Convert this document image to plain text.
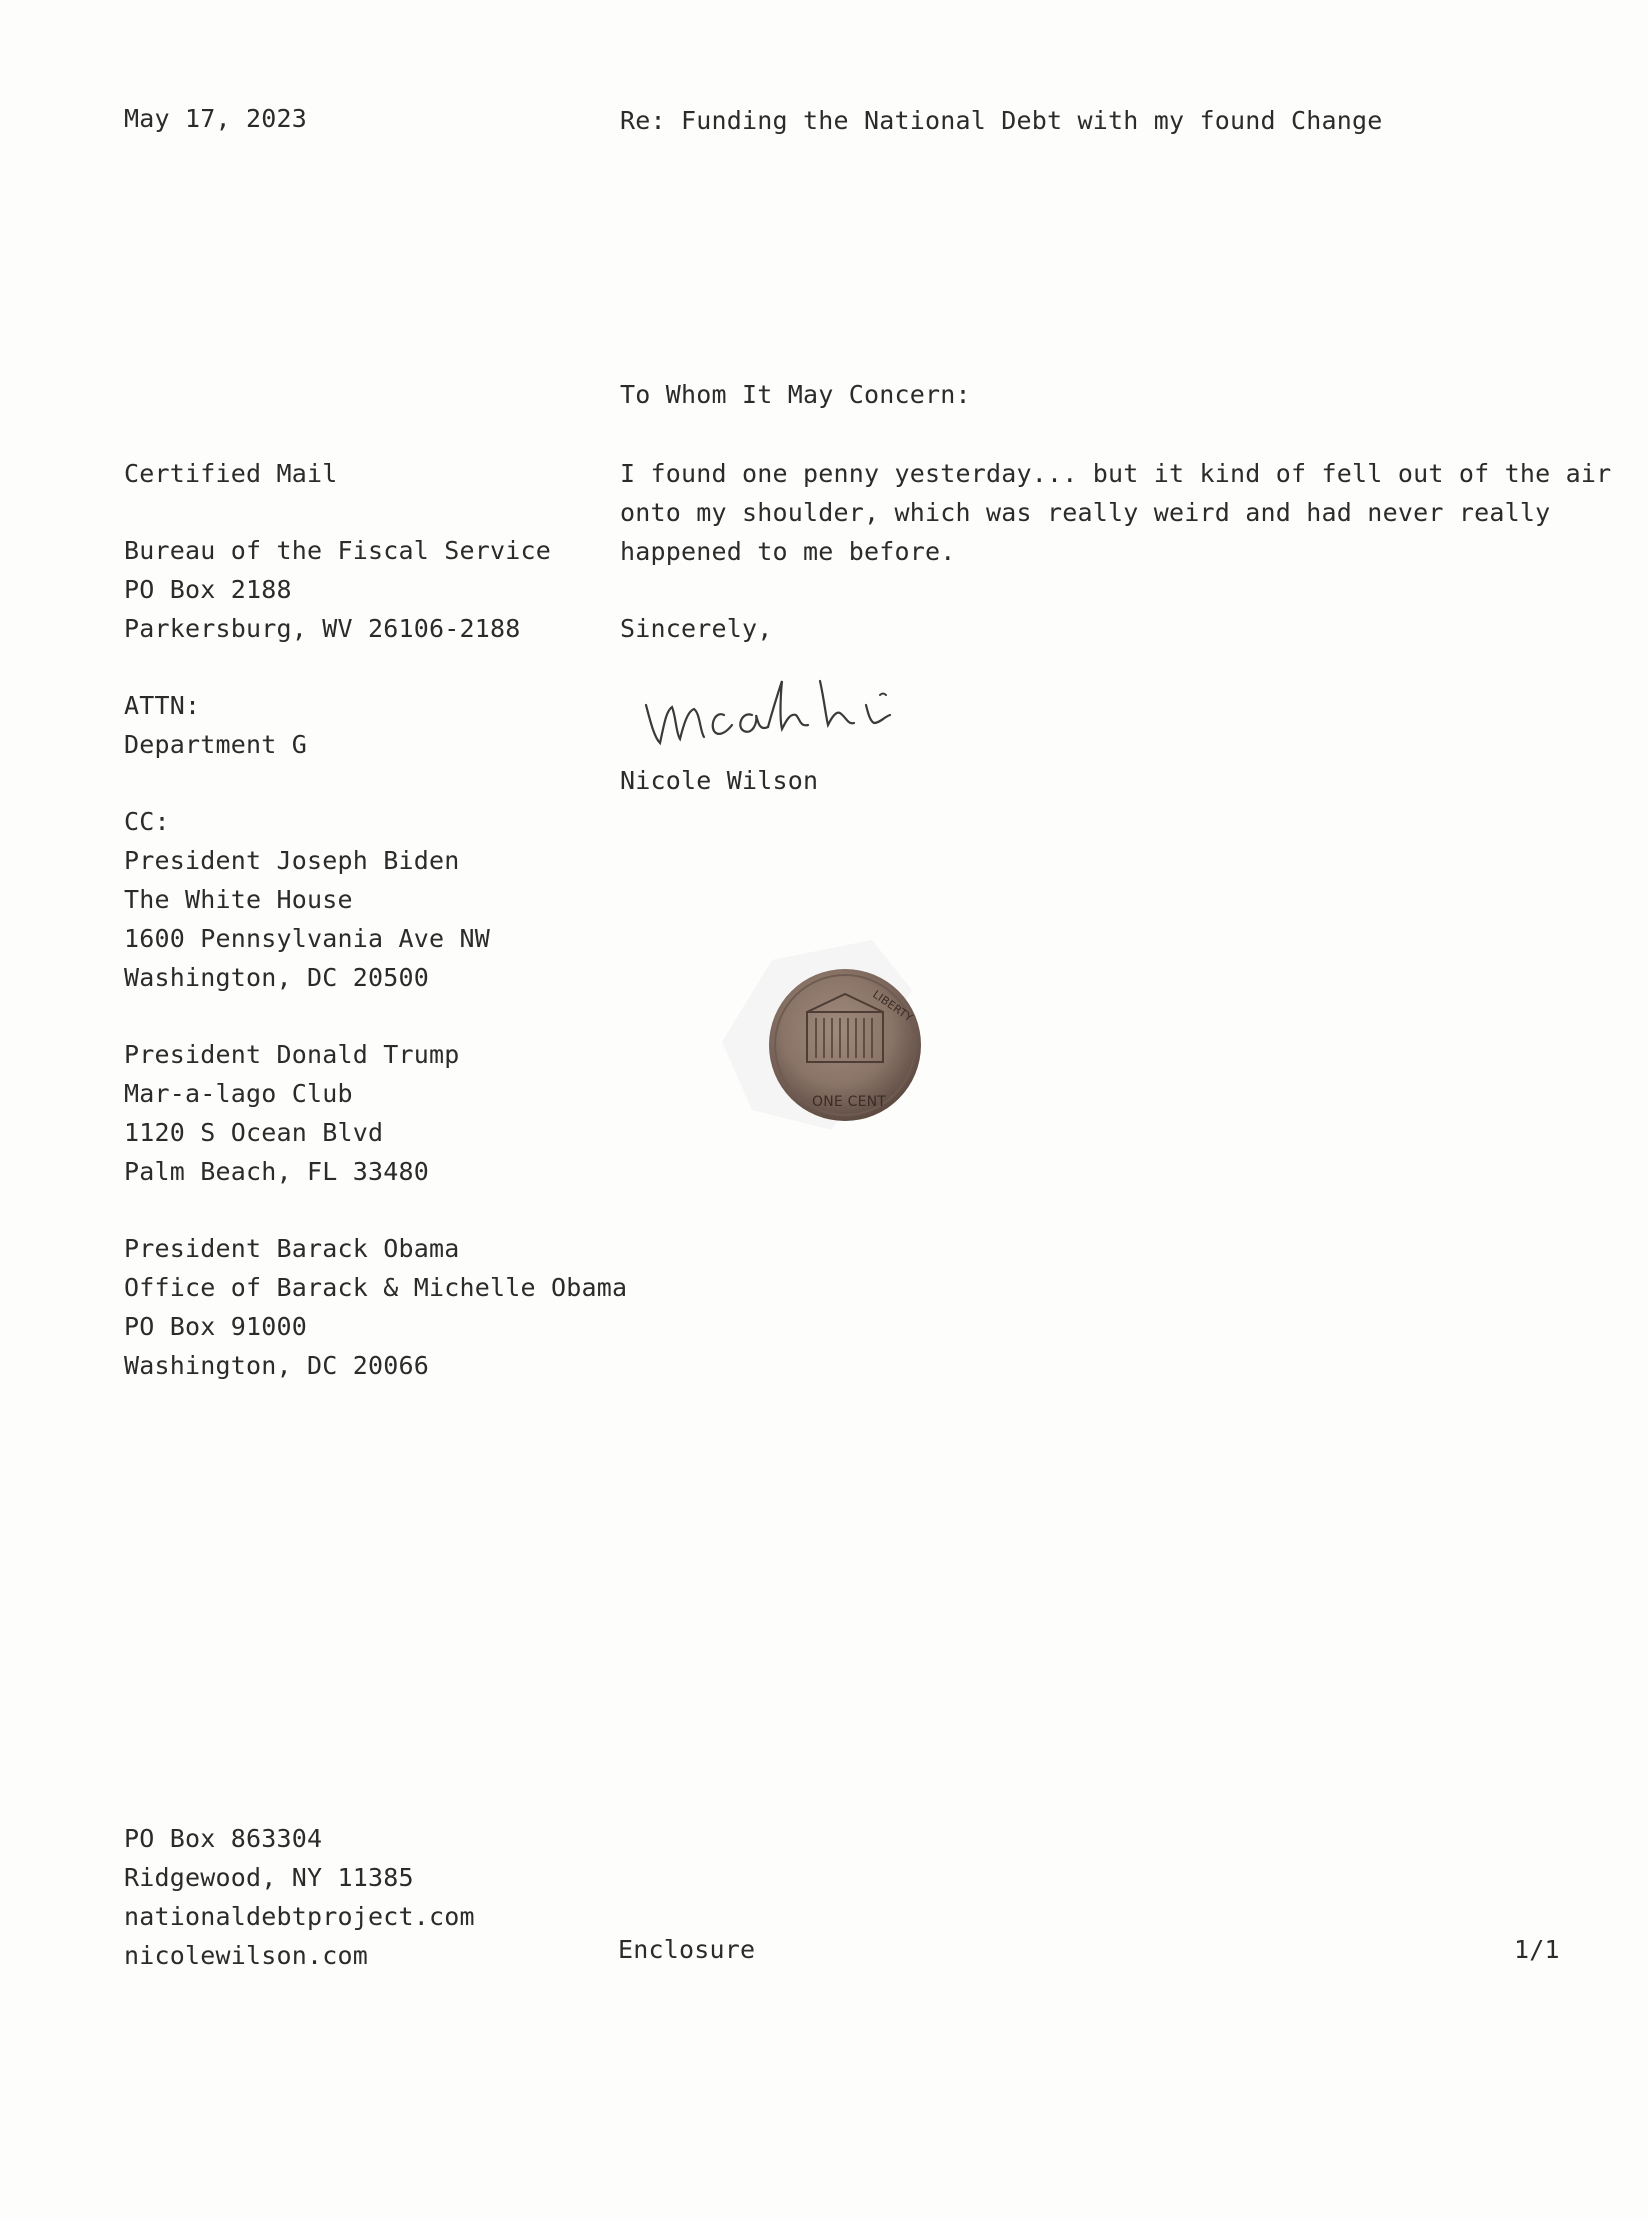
May 17, 2023	Re: Funding the National Debt with my found Change
To Whom It May Concern:
Certified Mail
Bureau of the Fiscal Service
PO Box 2188
Parkersburg, WV 26106-2188
ATTN:
Department G
CC:
President Joseph Biden
The White House
1600 Pennsylvania Ave NW
Washington, DC 20500
President Donald Trump
Mar-a-lago Club
1120 S Ocean Blvd
Palm Beach, FL 33480
President Barack Obama
Office of Barack & Michelle Obama
PO Box 91000
Washington, DC 20066
I found one penny yesterday... but it kind of fell out of the air
onto my shoulder, which was really weird and had never really
happened to me before.
Sincerely,
Nicole Wilson
LIBERTY
ONE CENT
PO Box 863304
Ridgewood, NY 11385
nationaldebtproject.com
nicolewilson.com	Enclosure	1/1
